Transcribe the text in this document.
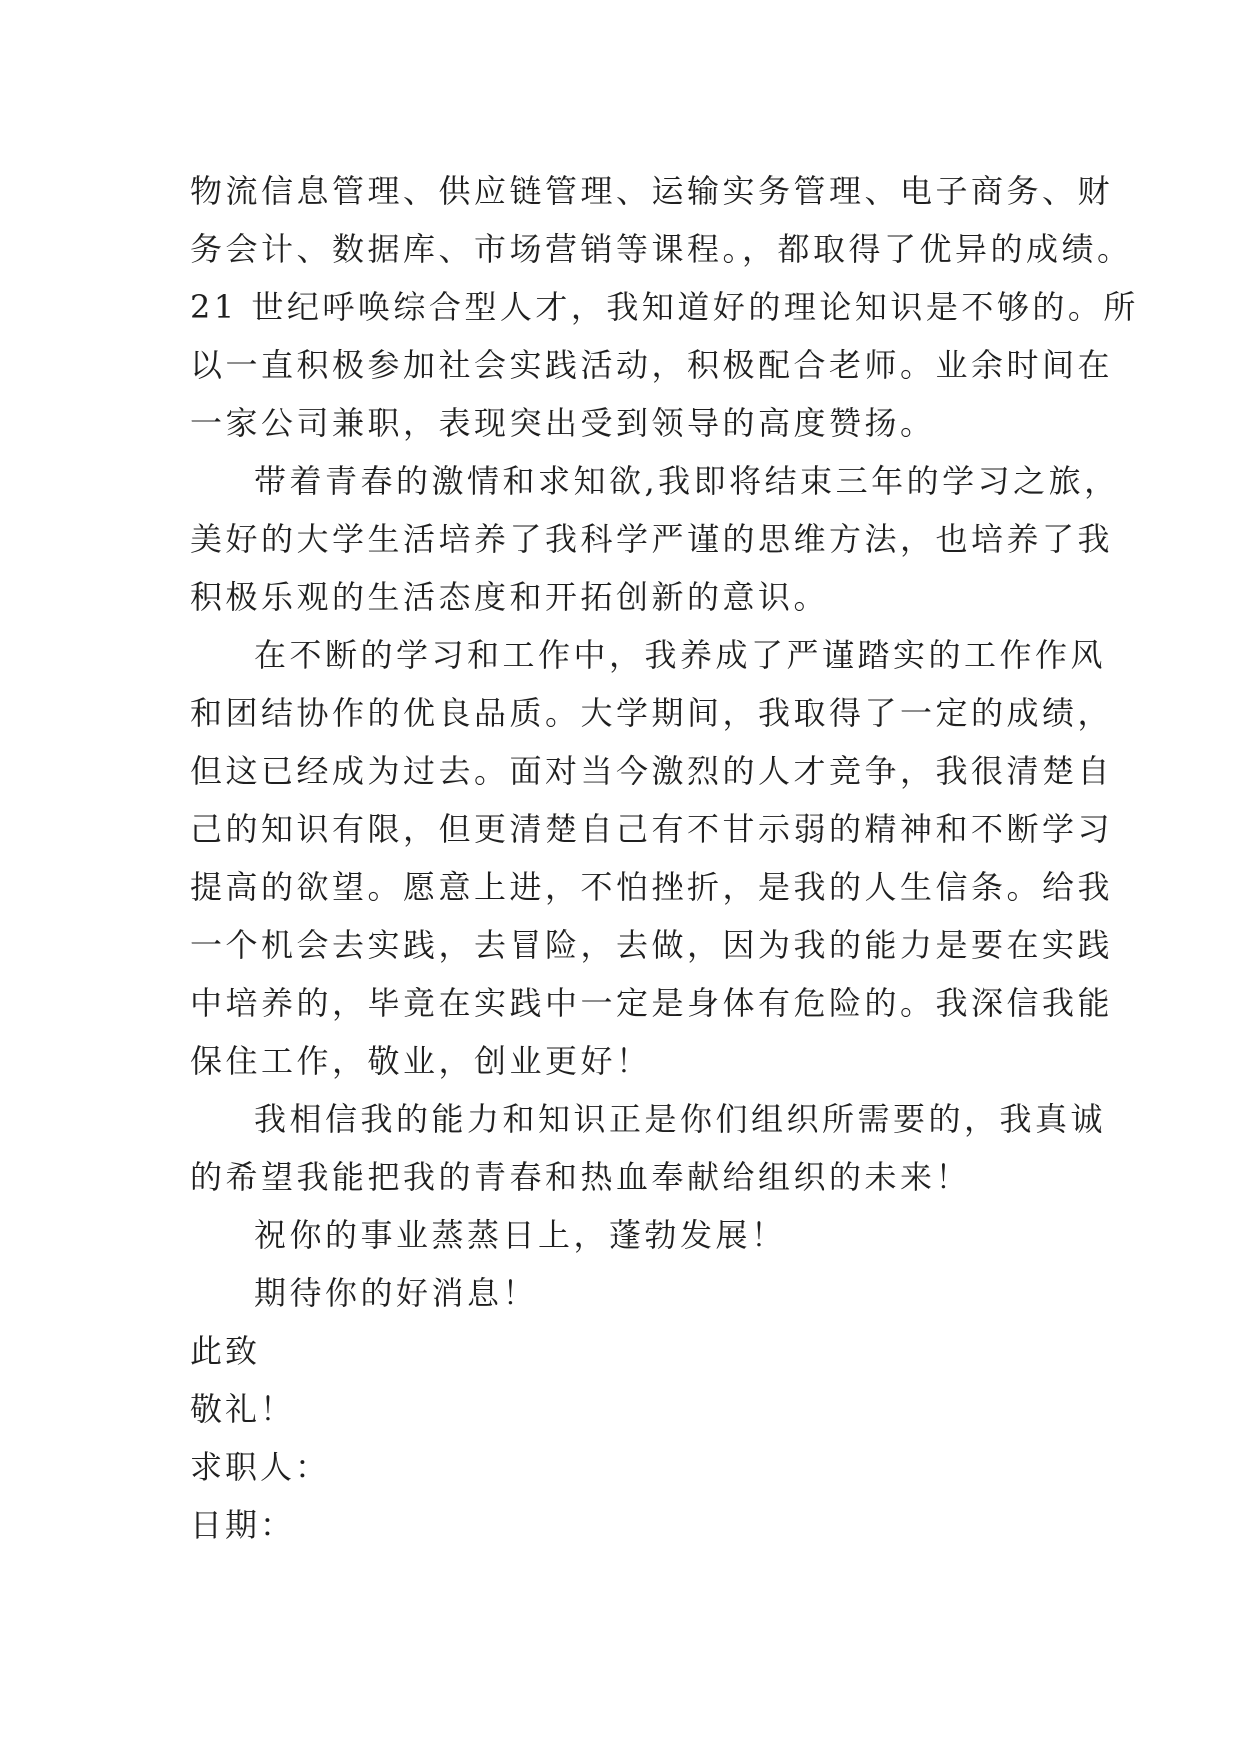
物流信息管理、供应链管理、运输实务管理、电子商务、财
务会计、数据库、市场营销等课程。，都取得了优异的成绩。
21 世纪呼唤综合型人才，我知道好的理论知识是不够的。所
以一直积极参加社会实践活动，积极配合老师。业余时间在
一家公司兼职，表现突出受到领导的高度赞扬。
带着青春的激情和求知欲,我即将结束三年的学习之旅，
美好的大学生活培养了我科学严谨的思维方法，也培养了我
积极乐观的生活态度和开拓创新的意识。
在不断的学习和工作中，我养成了严谨踏实的工作作风
和团结协作的优良品质。大学期间，我取得了一定的成绩，
但这已经成为过去。面对当今激烈的人才竞争，我很清楚自
己的知识有限，但更清楚自己有不甘示弱的精神和不断学习
提高的欲望。愿意上进，不怕挫折，是我的人生信条。给我
一个机会去实践，去冒险，去做，因为我的能力是要在实践
中培养的，毕竟在实践中一定是身体有危险的。我深信我能
保住工作，敬业，创业更好！
我相信我的能力和知识正是你们组织所需要的，我真诚
的希望我能把我的青春和热血奉献给组织的未来！
祝你的事业蒸蒸日上，蓬勃发展！
期待你的好消息！
此致
敬礼！
求职人：
日期：
